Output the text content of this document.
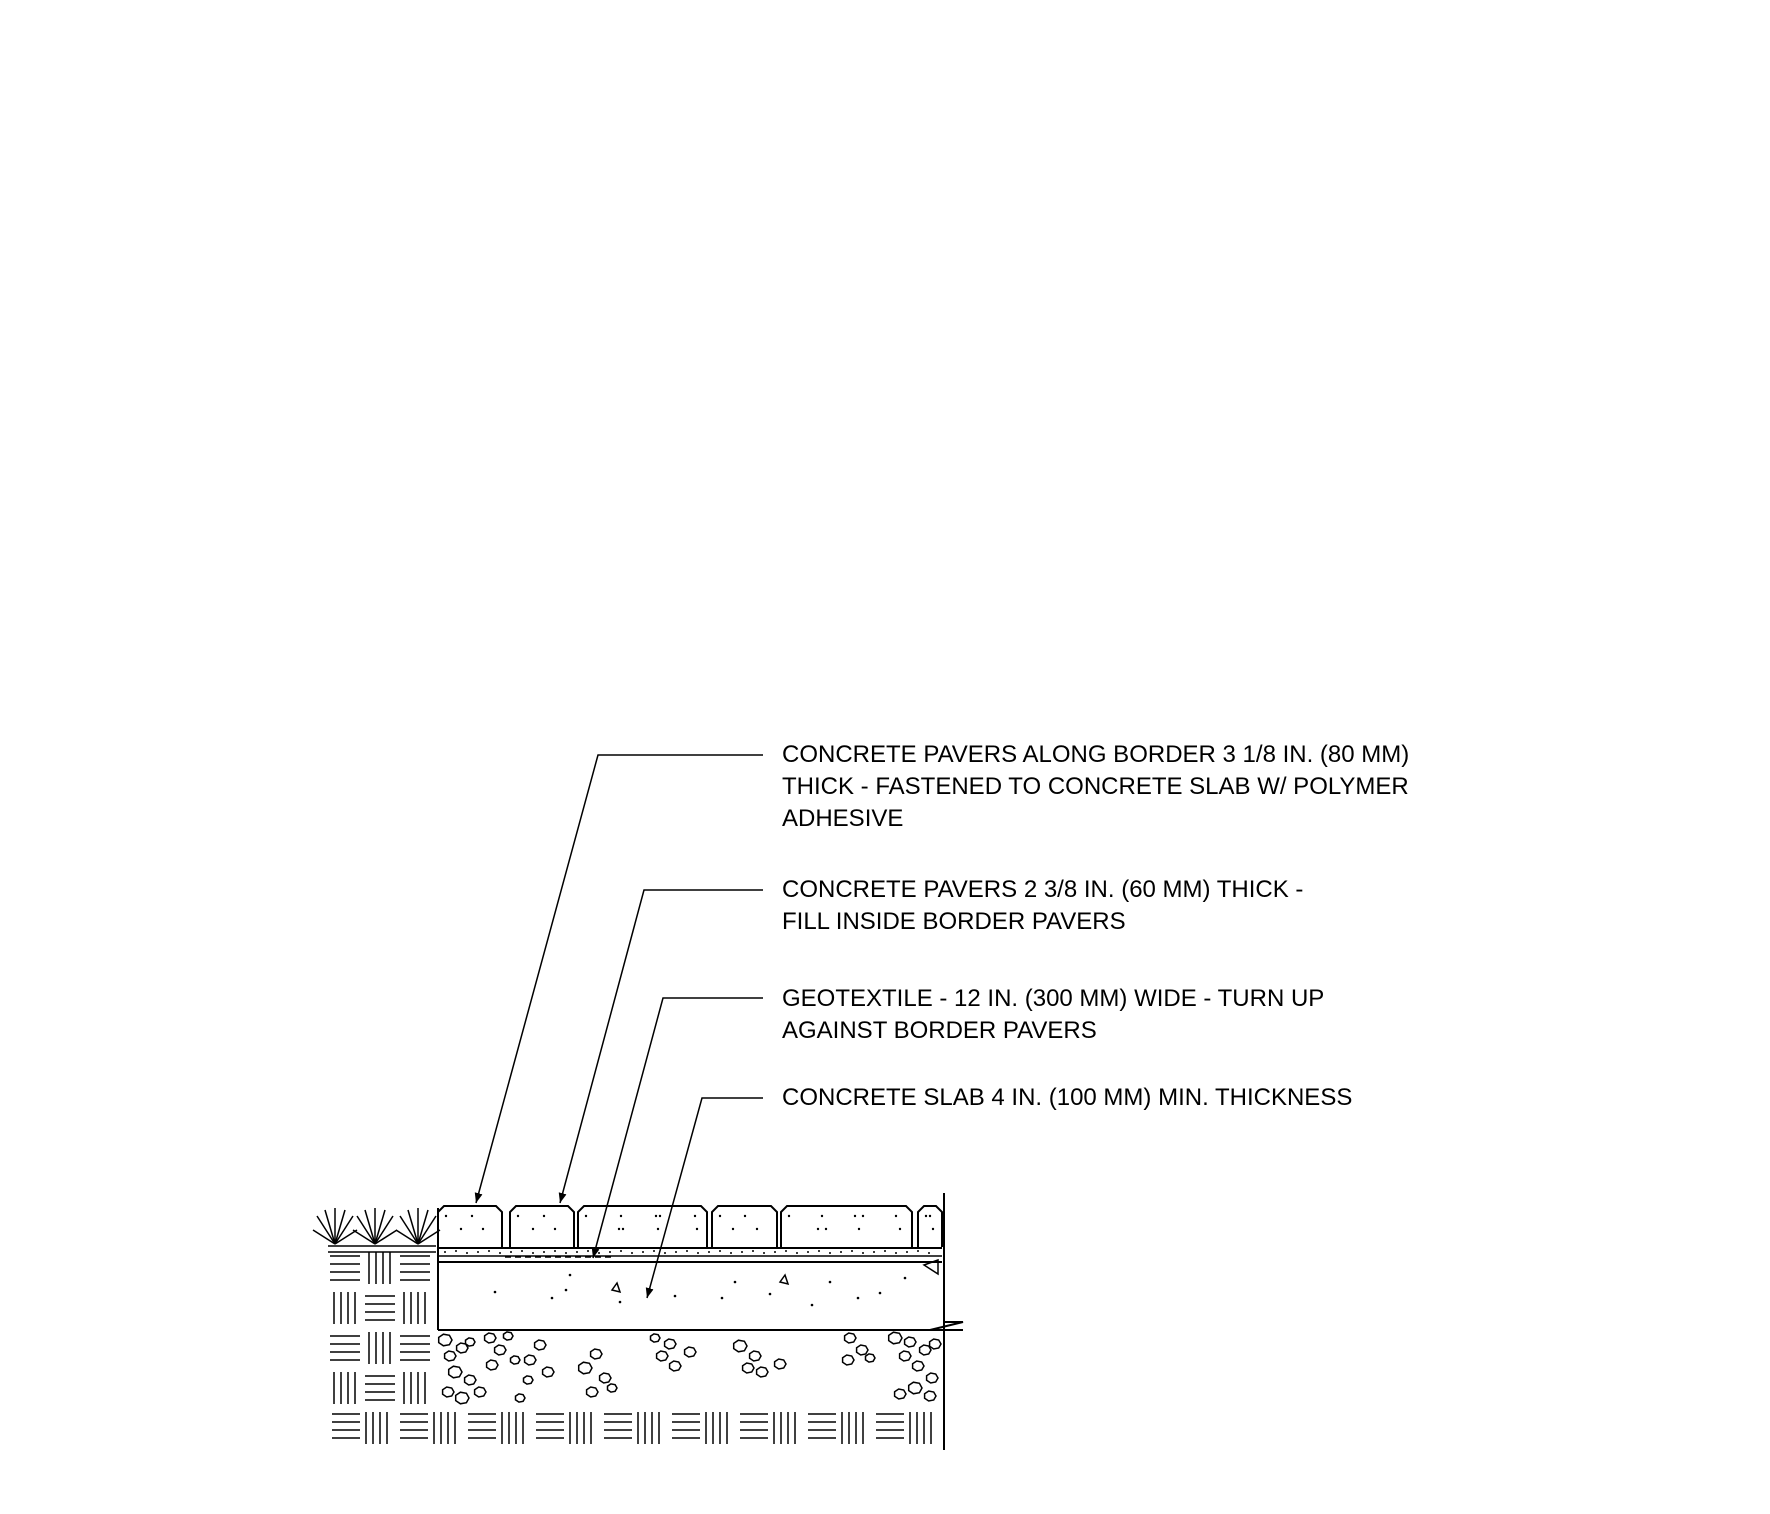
CONCRETE PAVERS ALONG BORDER 3 1/8 IN. (80 MM)
THICK - FASTENED TO CONCRETE SLAB W/ POLYMER
ADHESIVE
CONCRETE PAVERS 2 3/8 IN. (60 MM) THICK -
FILL INSIDE BORDER PAVERS
GEOTEXTILE - 12 IN. (300 MM) WIDE - TURN UP
AGAINST BORDER PAVERS
CONCRETE SLAB 4 IN. (100 MM) MIN. THICKNESS
